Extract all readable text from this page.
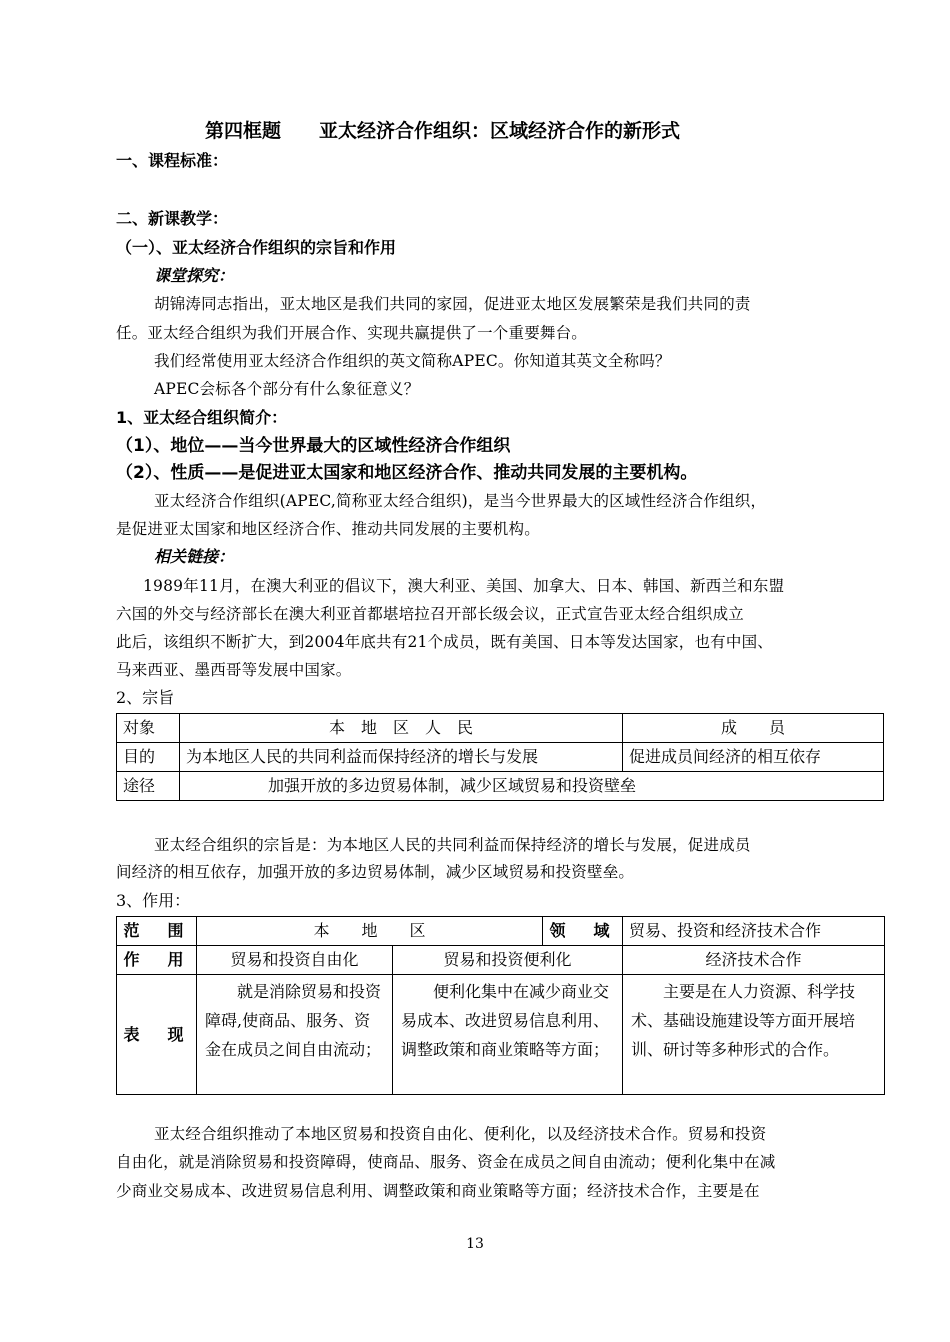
第四框题　　亚太经济合作组织：区域经济合作的新形式
一、课程标准：
二、新课教学：
（一）、亚太经济合作组织的宗旨和作用
课堂探究：
胡锦涛同志指出，亚太地区是我们共同的家园，促进亚太地区发展繁荣是我们共同的责
任。亚太经合组织为我们开展合作、实现共赢提供了一个重要舞台。
我们经常使用亚太经济合作组织的英文简称APEC。你知道其英文全称吗？
APEC会标各个部分有什么象征意义？
1、亚太经合组织简介：
（1）、地位——当今世界最大的区域性经济合作组织
（2）、性质——是促进亚太国家和地区经济合作、推动共同发展的主要机构。
亚太经济合作组织(APEC,简称亚太经合组织)，是当今世界最大的区域性经济合作组织，
是促进亚太国家和地区经济合作、推动共同发展的主要机构。
相关链接：
1989年11月，在澳大利亚的倡议下，澳大利亚、美国、加拿大、日本、韩国、新西兰和东盟
六国的外交与经济部长在澳大利亚首都堪培拉召开部长级会议，正式宣告亚太经合组织成立
此后，该组织不断扩大，到2004年底共有21个成员，既有美国、日本等发达国家，也有中国、
马来西亚、墨西哥等发展中国家。
2、宗旨
对象	本　地　区　人　民	成　　员
目的	为本地区人民的共同利益而保持经济的增长与发展	促进成员间经济的相互依存
途径	加强开放的多边贸易体制，减少区域贸易和投资壁垒	
亚太经合组织的宗旨是：为本地区人民的共同利益而保持经济的增长与发展，促进成员
间经济的相互依存，加强开放的多边贸易体制，减少区域贸易和投资壁垒。
3、作用：
范　围	本　　地　　区		领　域	贸易、投资和经济技术合作
作　用	贸易和投资自由化	贸易和投资便利化		经济技术合作
表　现	就是消除贸易和投资障碍,使商品、服务、资金在成员之间自由流动；	便利化集中在减少商业交易成本、改进贸易信息利用、调整政策和商业策略等方面；		主要是在人力资源、科学技术、基础设施建设等方面开展培训、研讨等多种形式的合作。
亚太经合组织推动了本地区贸易和投资自由化、便利化，以及经济技术合作。贸易和投资
自由化，就是消除贸易和投资障碍，使商品、服务、资金在成员之间自由流动；便利化集中在减
少商业交易成本、改进贸易信息利用、调整政策和商业策略等方面；经济技术合作，主要是在
13
